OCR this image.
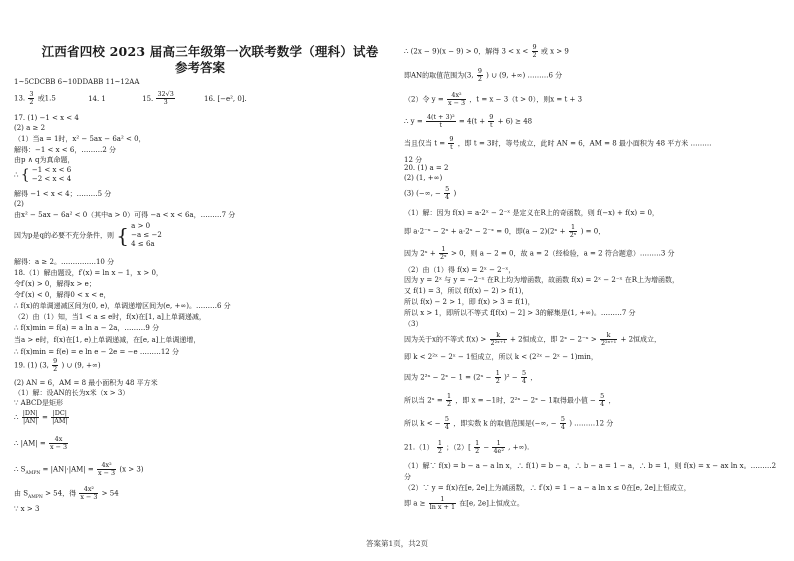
江西省四校 2023 届高三年级第一次联考数学（理科）试卷
参考答案
1~5CDCBB 6~10DDABB 11~12AA
13. $\frac{3}{2}$ 或1.5	14. 1	15. $\frac{32√3}{3}$	16. [−e², 0].
17. (1) −1 < x < 4
(2) a ≥ 2
（1）当a = 1时，x² − 5ax − 6a² < 0，
解得：−1 < x < 6，………2 分
由p ∧ q为真命题，
∴ { −1 < x < 6
−2 < x < 4
解得 −1 < x < 4；………5 分
(2)
由x² − 5ax − 6a² < 0（其中a > 0）可得 −a < x < 6a，………7 分
因为p是q的必要不充分条件，则 { a > 0
−a ≤ −2
4 ≤ 6a
解得：a ≥ 2。……………10 分
18.（1）解由题设，f′(x) = ln x − 1，x > 0，
令f′(x) > 0，解得x > e；
令f′(x) < 0，解得0 < x < e，
∴ f(x)的单调递减区间为(0, e)，单调递增区间为(e, +∞)。………6 分
（2）由（1）知，当1 < a ≤ e时，f(x)在[1, a]上单调递减，
∴ f(x)min = f(a) = a ln a − 2a，………9 分
当a > e时，f(x)在[1, e)上单调递减，在[e, a]上单调递增，
∴ f(x)min = f(e) = e ln e − 2e = −e ………12 分
19. (1) (3, $\frac{9}{2}$ ) ∪ (9, +∞)
(2) AN = 6，AM = 8 最小面积为 48 平方米
（1）解：设AN的长为x米（x > 3）
∵ ABCD是矩形
∴ $\frac{|DN|}{|AN|} = \frac{|DC|}{|AM|}$
∴ $|AM| = \frac{4x}{x - 3}$
∴ $S_{AMPN} = |AN|\cdot|AM| = \frac{\text{4x²}}{x - 3} (x > 3)$
由 $S_{AMPN} > 54$，得 $\frac{\text{4x²}}{x - 3} > 54$
∵ x > 3
∴ (2x − 9)(x − 9) > 0，解得 $3 < x < \frac{9}{2}$ 或 x > 9
即AN的取值范围为(3, $\frac{9}{2}$ ) ∪ (9, +∞) ………6 分
（2）令 $y = \frac{\text{4x²}}{x - 3}$ ，t = x − 3（t > 0），则x = t + 3
∴ $y = \frac{\text{4(t + 3)²}}{t} = 4(t + \frac{9}{t} + 6) \ge 48$
当且仅当 $t = \frac{9}{t}$ ，即 t = 3时，等号成立，此时 AN = 6，AM = 8 最小面积为 48 平方米 ………
12 分
20. (1) a = 2
(2) (1, +∞)
(3) (−∞, − $\frac{5}{4}$ )
（1）解：因为 f(x) = a·2ˣ − 2⁻ˣ 是定义在R上的奇函数，则 f(−x) + f(x) = 0，
即 a·2⁻ˣ − 2ˣ + a·2ˣ − 2⁻ˣ = 0，即(a − 2)(2ˣ + $\frac{1}{\text{2ˣ}}$ ) = 0，
因为 2ˣ + $\frac{1}{\text{2ˣ}} > 0$，则 a − 2 = 0，故 a = 2（经检验，a = 2 符合题意）………3 分
（2）由（1）得 f(x) = 2ˣ − 2⁻ˣ，
因为 y = 2ˣ 与 y = −2⁻ˣ 在R上均为增函数，故函数 f(x) = 2ˣ − 2⁻ˣ 在R上为增函数，
又 f(1) = 3，所以 f(f(x) − 2) > f(1)，
所以 f(x) − 2 > 1，即 f(x) > 3 = f(1)，
所以 x > 1，即所以不等式 f[f(x) − 2] > 3的解集是(1, +∞)。………7 分
（3）
因为关于x的不等式 $f(x) > \frac{k}{\text{2²ˣ⁺¹}} + 2$恒成立，即 2ˣ − 2⁻ˣ > $\frac{k}{\text{2²ˣ⁺¹}} + 2$恒成立，
即 k < 2²ˣ − 2ˣ − 1恒成立，所以 k < (2²ˣ − 2ˣ − 1)min，
因为 2²ˣ − 2ˣ − 1 = (2ˣ − $\frac{1}{2} )^2 - \frac{5}{4}$ ，
所以当 2ˣ = $\frac{1}{2}$ ，即 x = −1时，2²ˣ − 2ˣ − 1取得最小值 − $\frac{5}{4}$ ，
所以 k < − $\frac{5}{4}$ ，即实数 k 的取值范围是(−∞, − $\frac{5}{4}$ ) ………12 分
$21.(1) \frac{1}{2}$ ；$(2)[ \frac{1}{2} - \frac{1}{\text{4e²}}$ , +∞).
（1）解∵ f(x) = b − a − a ln x，∴ f(1) = b − a，∴ b − a = 1 − a，∴ b = 1，则 f(x) = x − ax ln x。………2
分
（2）∵ y = f(x)在[e, 2e]上为减函数，∴ f′(x) = 1 − a − a ln x ≤ 0在[e, 2e]上恒成立，
即 $a \ge \frac{1}{\text{ln x + 1}}$ 在[e, 2e]上恒成立。
答案第1页，共2页
